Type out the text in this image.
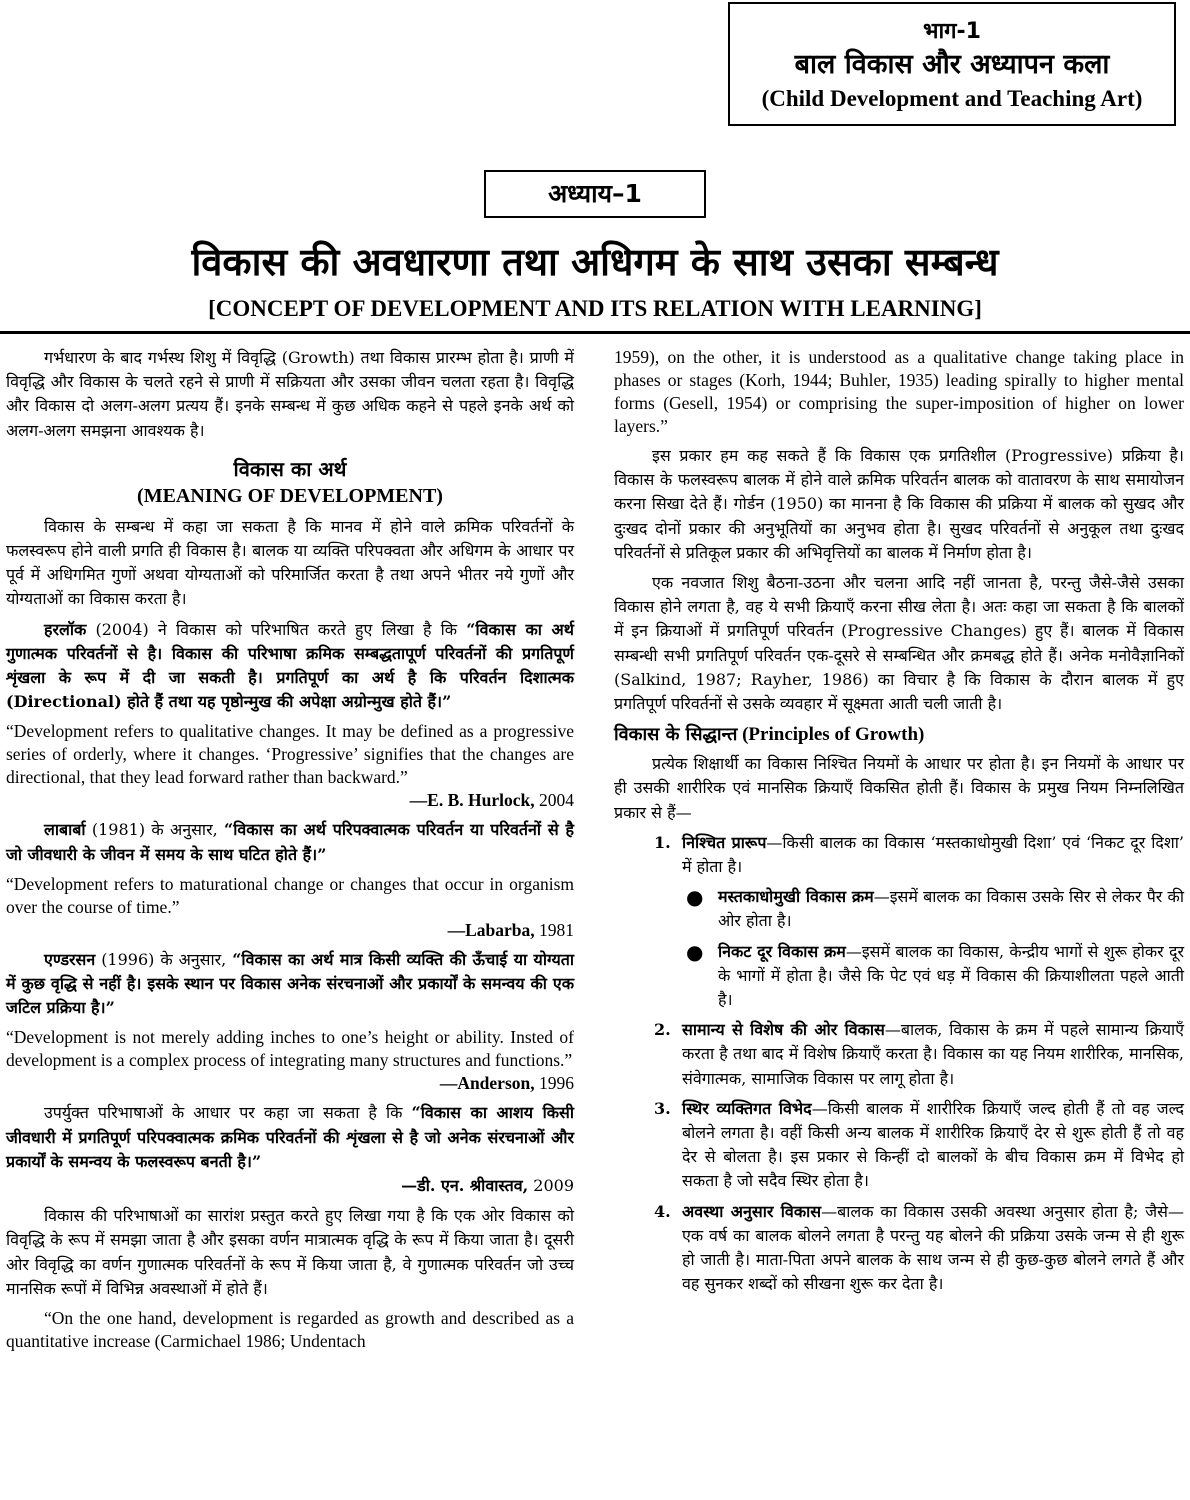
भाग-1
बाल विकास और अध्यापन कला
(Child Development and Teaching Art)
अध्याय–1
विकास की अवधारणा तथा अधिगम के साथ उसका सम्बन्ध
[CONCEPT OF DEVELOPMENT AND ITS RELATION WITH LEARNING]

गर्भधारण के बाद गर्भस्थ शिशु में विवृद्धि (Growth) तथा विकास प्रारम्भ होता है। प्राणी में विवृद्धि और विकास के चलते रहने से प्राणी में सक्रियता और उसका जीवन चलता रहता है। विवृद्धि और विकास दो अलग-अलग प्रत्यय हैं। इनके सम्बन्ध में कुछ अधिक कहने से पहले इनके अर्थ को अलग-अलग समझना आवश्यक है।

विकास का अर्थ
(MEANING OF DEVELOPMENT)

विकास के सम्बन्ध में कहा जा सकता है कि मानव में होने वाले क्रमिक परिवर्तनों के फलस्वरूप होने वाली प्रगति ही विकास है। बालक या व्यक्ति परिपक्वता और अधिगम के आधार पर पूर्व में अधिगमित गुणों अथवा योग्यताओं को परिमार्जित करता है तथा अपने भीतर नये गुणों और योग्यताओं का विकास करता है।

हरलॉक (2004) ने विकास को परिभाषित करते हुए लिखा है कि “विकास का अर्थ गुणात्मक परिवर्तनों से है। विकास की परिभाषा क्रमिक सम्बद्धतापूर्ण परिवर्तनों की प्रगतिपूर्ण शृंखला के रूप में दी जा सकती है। प्रगतिपूर्ण का अर्थ है कि परिवर्तन दिशात्मक (Directional) होते हैं तथा यह पृष्ठोन्मुख की अपेक्षा अग्रोन्मुख होते हैं।”

“Development refers to qualitative changes. It may be defined as a progressive series of orderly, where it changes. ‘Progressive’ signifies that the changes are directional, that they lead forward rather than backward.”
—E. B. Hurlock, 2004

लाबार्बा (1981) के अनुसार, “विकास का अर्थ परिपक्वात्मक परिवर्तन या परिवर्तनों से है जो जीवधारी के जीवन में समय के साथ घटित होते हैं।”

“Development refers to maturational change or changes that occur in organism over the course of time.”
—Labarba, 1981

एण्डरसन (1996) के अनुसार, “विकास का अर्थ मात्र किसी व्यक्ति की ऊँचाई या योग्यता में कुछ वृद्धि से नहीं है। इसके स्थान पर विकास अनेक संरचनाओं और प्रकार्यों के समन्वय की एक जटिल प्रक्रिया है।”

“Development is not merely adding inches to one’s height or ability. Insted of development is a complex process of integrating many structures and functions.”
—Anderson, 1996

उपर्युक्त परिभाषाओं के आधार पर कहा जा सकता है कि “विकास का आशय किसी जीवधारी में प्रगतिपूर्ण परिपक्वात्मक क्रमिक परिवर्तनों की शृंखला से है जो अनेक संरचनाओं और प्रकार्यों के समन्वय के फलस्वरूप बनती है।”
—डी. एन. श्रीवास्तव, 2009

विकास की परिभाषाओं का सारांश प्रस्तुत करते हुए लिखा गया है कि एक ओर विकास को विवृद्धि के रूप में समझा जाता है और इसका वर्णन मात्रात्मक वृद्धि के रूप में किया जाता है। दूसरी ओर विवृद्धि का वर्णन गुणात्मक परिवर्तनों के रूप में किया जाता है, वे गुणात्मक परिवर्तन जो उच्च मानसिक रूपों में विभिन्न अवस्थाओं में होते हैं।

“On the one hand, development is regarded as growth and described as a quantitative increase (Carmichael 1986; Undentach

1959), on the other, it is understood as a qualitative change taking place in phases or stages (Korh, 1944; Buhler, 1935) leading spirally to higher mental forms (Gesell, 1954) or comprising the super-imposition of higher on lower layers.”

इस प्रकार हम कह सकते हैं कि विकास एक प्रगतिशील (Progressive) प्रक्रिया है। विकास के फलस्वरूप बालक में होने वाले क्रमिक परिवर्तन बालक को वातावरण के साथ समायोजन करना सिखा देते हैं। गोर्डन (1950) का मानना है कि विकास की प्रक्रिया में बालक को सुखद और दुःखद दोनों प्रकार की अनुभूतियों का अनुभव होता है। सुखद परिवर्तनों से अनुकूल तथा दुःखद परिवर्तनों से प्रतिकूल प्रकार की अभिवृत्तियों का बालक में निर्माण होता है।

एक नवजात शिशु बैठना-उठना और चलना आदि नहीं जानता है, परन्तु जैसे-जैसे उसका विकास होने लगता है, वह ये सभी क्रियाएँ करना सीख लेता है। अतः कहा जा सकता है कि बालकों में इन क्रियाओं में प्रगतिपूर्ण परिवर्तन (Progressive Changes) हुए हैं। बालक में विकास सम्बन्धी सभी प्रगतिपूर्ण परिवर्तन एक-दूसरे से सम्बन्धित और क्रमबद्ध होते हैं। अनेक मनोवैज्ञानिकों (Salkind, 1987; Rayher, 1986) का विचार है कि विकास के दौरान बालक में हुए प्रगतिपूर्ण परिवर्तनों से उसके व्यवहार में सूक्ष्मता आती चली जाती है।

विकास के सिद्धान्त (Principles of Growth)

प्रत्येक शिक्षार्थी का विकास निश्चित नियमों के आधार पर होता है। इन नियमों के आधार पर ही उसकी शारीरिक एवं मानसिक क्रियाएँ विकसित होती हैं। विकास के प्रमुख नियम निम्नलिखित प्रकार से हैं—

1. निश्चित प्रारूप—किसी बालक का विकास ‘मस्तकाधोमुखी दिशा’ एवं ‘निकट दूर दिशा’ में होता है।
● मस्तकाधोमुखी विकास क्रम—इसमें बालक का विकास उसके सिर से लेकर पैर की ओर होता है।
● निकट दूर विकास क्रम—इसमें बालक का विकास, केन्द्रीय भागों से शुरू होकर दूर के भागों में होता है। जैसे कि पेट एवं धड़ में विकास की क्रियाशीलता पहले आती है।
2. सामान्य से विशेष की ओर विकास—बालक, विकास के क्रम में पहले सामान्य क्रियाएँ करता है तथा बाद में विशेष क्रियाएँ करता है। विकास का यह नियम शारीरिक, मानसिक, संवेगात्मक, सामाजिक विकास पर लागू होता है।
3. स्थिर व्यक्तिगत विभेद—किसी बालक में शारीरिक क्रियाएँ जल्द होती हैं तो वह जल्द बोलने लगता है। वहीं किसी अन्य बालक में शारीरिक क्रियाएँ देर से शुरू होती हैं तो वह देर से बोलता है। इस प्रकार से किन्हीं दो बालकों के बीच विकास क्रम में विभेद हो सकता है जो सदैव स्थिर होता है।
4. अवस्था अनुसार विकास—बालक का विकास उसकी अवस्था अनुसार होता है; जैसे—एक वर्ष का बालक बोलने लगता है परन्तु यह बोलने की प्रक्रिया उसके जन्म से ही शुरू हो जाती है। माता-पिता अपने बालक के साथ जन्म से ही कुछ-कुछ बोलने लगते हैं और वह सुनकर शब्दों को सीखना शुरू कर देता है।
